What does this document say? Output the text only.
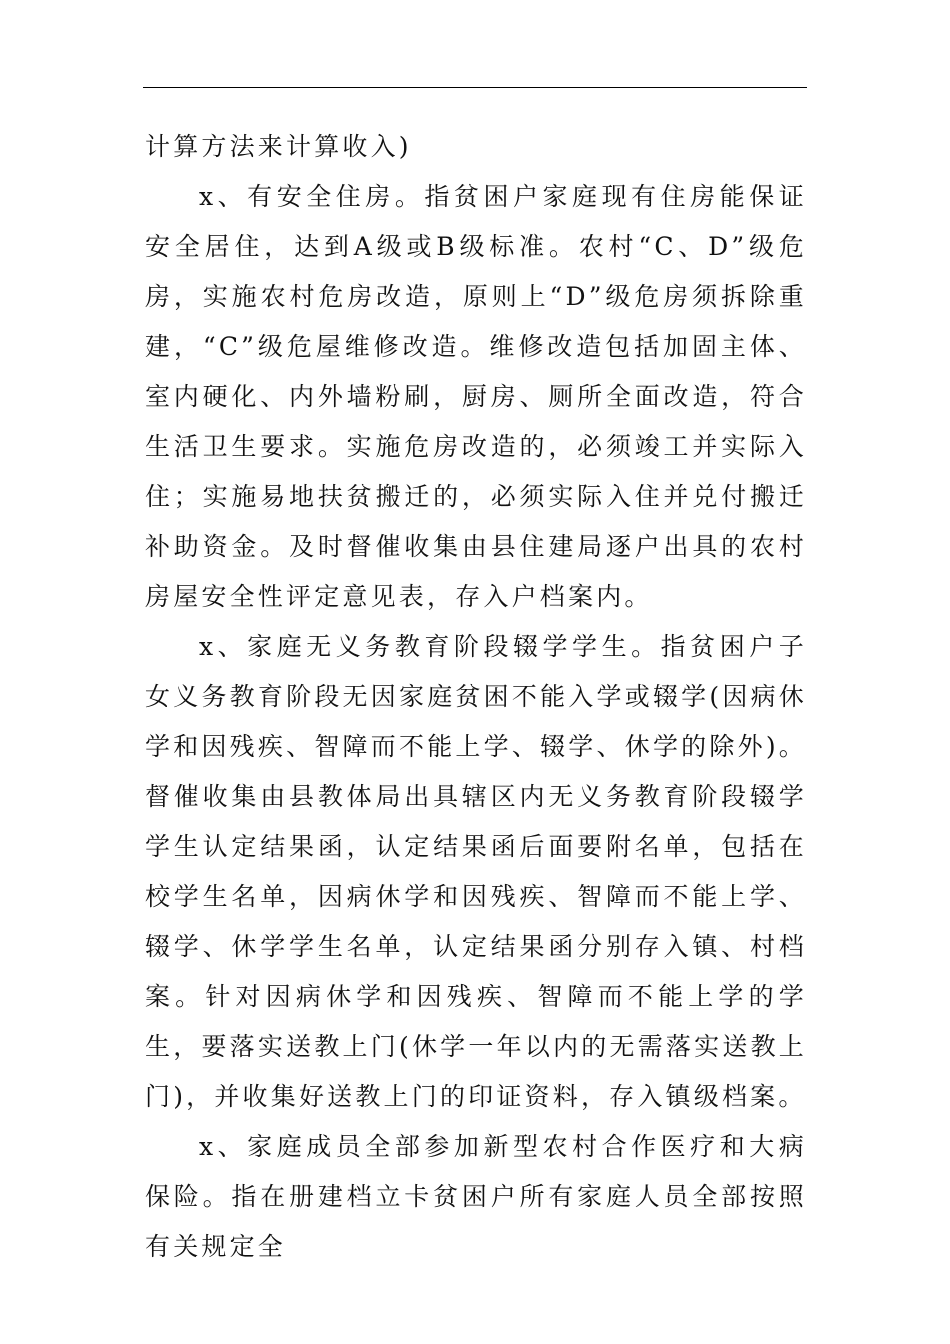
计算方法来计算收入)

x、有安全住房。指贫困户家庭现有住房能保证安全居住，达到A级或B级标准。农村“C、D”级危房，实施农村危房改造，原则上“D”级危房须拆除重建，“C”级危屋维修改造。维修改造包括加固主体、室内硬化、内外墙粉刷，厨房、厕所全面改造，符合生活卫生要求。实施危房改造的，必须竣工并实际入住；实施易地扶贫搬迁的，必须实际入住并兑付搬迁补助资金。及时督催收集由县住建局逐户出具的农村房屋安全性评定意见表，存入户档案内。

x、家庭无义务教育阶段辍学学生。指贫困户子女义务教育阶段无因家庭贫困不能入学或辍学(因病休学和因残疾、智障而不能上学、辍学、休学的除外)。督催收集由县教体局出具辖区内无义务教育阶段辍学学生认定结果函，认定结果函后面要附名单，包括在校学生名单，因病休学和因残疾、智障而不能上学、辍学、休学学生名单，认定结果函分别存入镇、村档案。针对因病休学和因残疾、智障而不能上学的学生，要落实送教上门(休学一年以内的无需落实送教上门)，并收集好送教上门的印证资料，存入镇级档案。

x、家庭成员全部参加新型农村合作医疗和大病保险。指在册建档立卡贫困户所有家庭人员全部按照有关规定全
